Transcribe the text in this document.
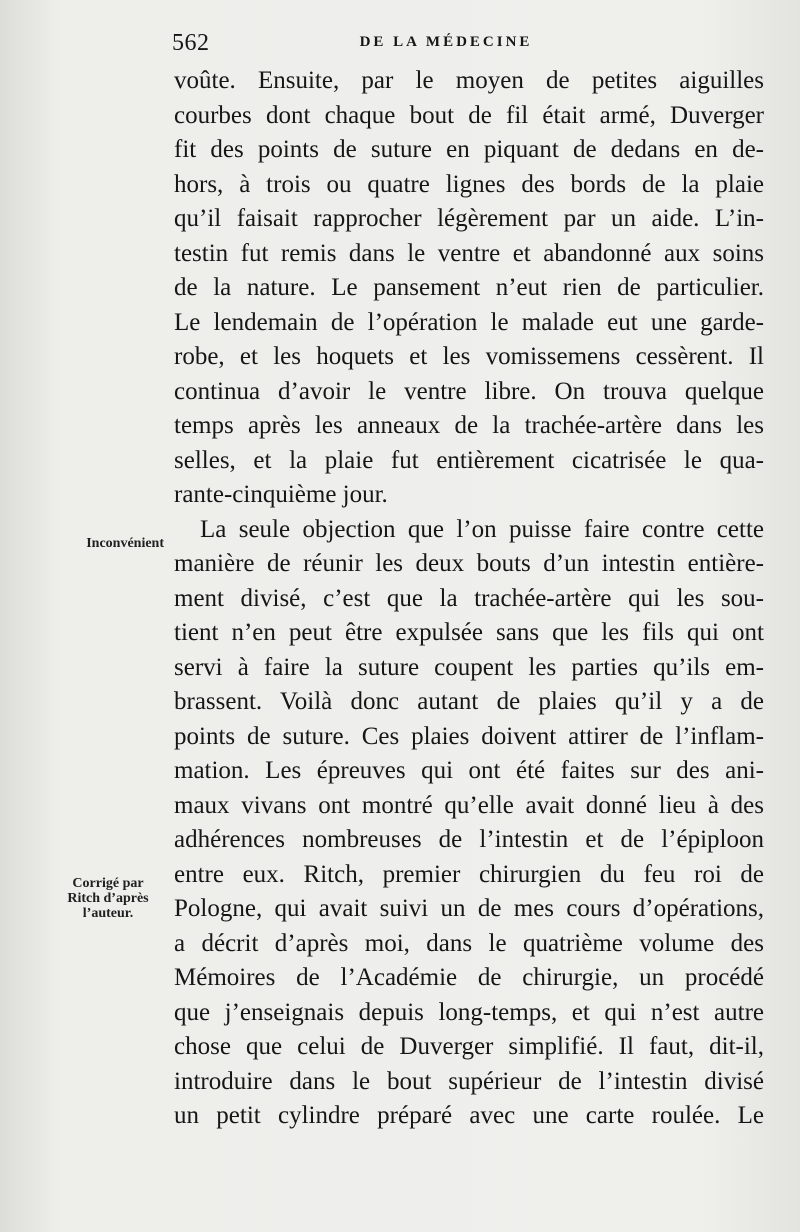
562	DE LA MÉDECINE
voûte. Ensuite, par le moyen de petites aiguilles
courbes dont chaque bout de fil était armé, Duverger
fit des points de suture en piquant de dedans en de-
hors, à trois ou quatre lignes des bords de la plaie
qu’il faisait rapprocher légèrement par un aide. L’in-
testin fut remis dans le ventre et abandonné aux soins
de la nature. Le pansement n’eut rien de particulier.
Le lendemain de l’opération le malade eut une garde-
robe, et les hoquets et les vomissemens cessèrent. Il
continua d’avoir le ventre libre. On trouva quelque
temps après les anneaux de la trachée-artère dans les
selles, et la plaie fut entièrement cicatrisée le qua-
rante-cinquième jour.
La seule objection que l’on puisse faire contre cette
manière de réunir les deux bouts d’un intestin entière-
ment divisé, c’est que la trachée-artère qui les sou-
tient n’en peut être expulsée sans que les fils qui ont
servi à faire la suture coupent les parties qu’ils em-
brassent. Voilà donc autant de plaies qu’il y a de
points de suture. Ces plaies doivent attirer de l’inflam-
mation. Les épreuves qui ont été faites sur des ani-
maux vivans ont montré qu’elle avait donné lieu à des
adhérences nombreuses de l’intestin et de l’épiploon
entre eux. Ritch, premier chirurgien du feu roi de
Pologne, qui avait suivi un de mes cours d’opérations,
a décrit d’après moi, dans le quatrième volume des
Mémoires de l’Académie de chirurgie, un procédé
que j’enseignais depuis long-temps, et qui n’est autre
chose que celui de Duverger simplifié. Il faut, dit-il,
introduire dans le bout supérieur de l’intestin divisé
un petit cylindre préparé avec une carte roulée. Le
Inconvénient
Corrigé par
Ritch d’après
l’auteur.
